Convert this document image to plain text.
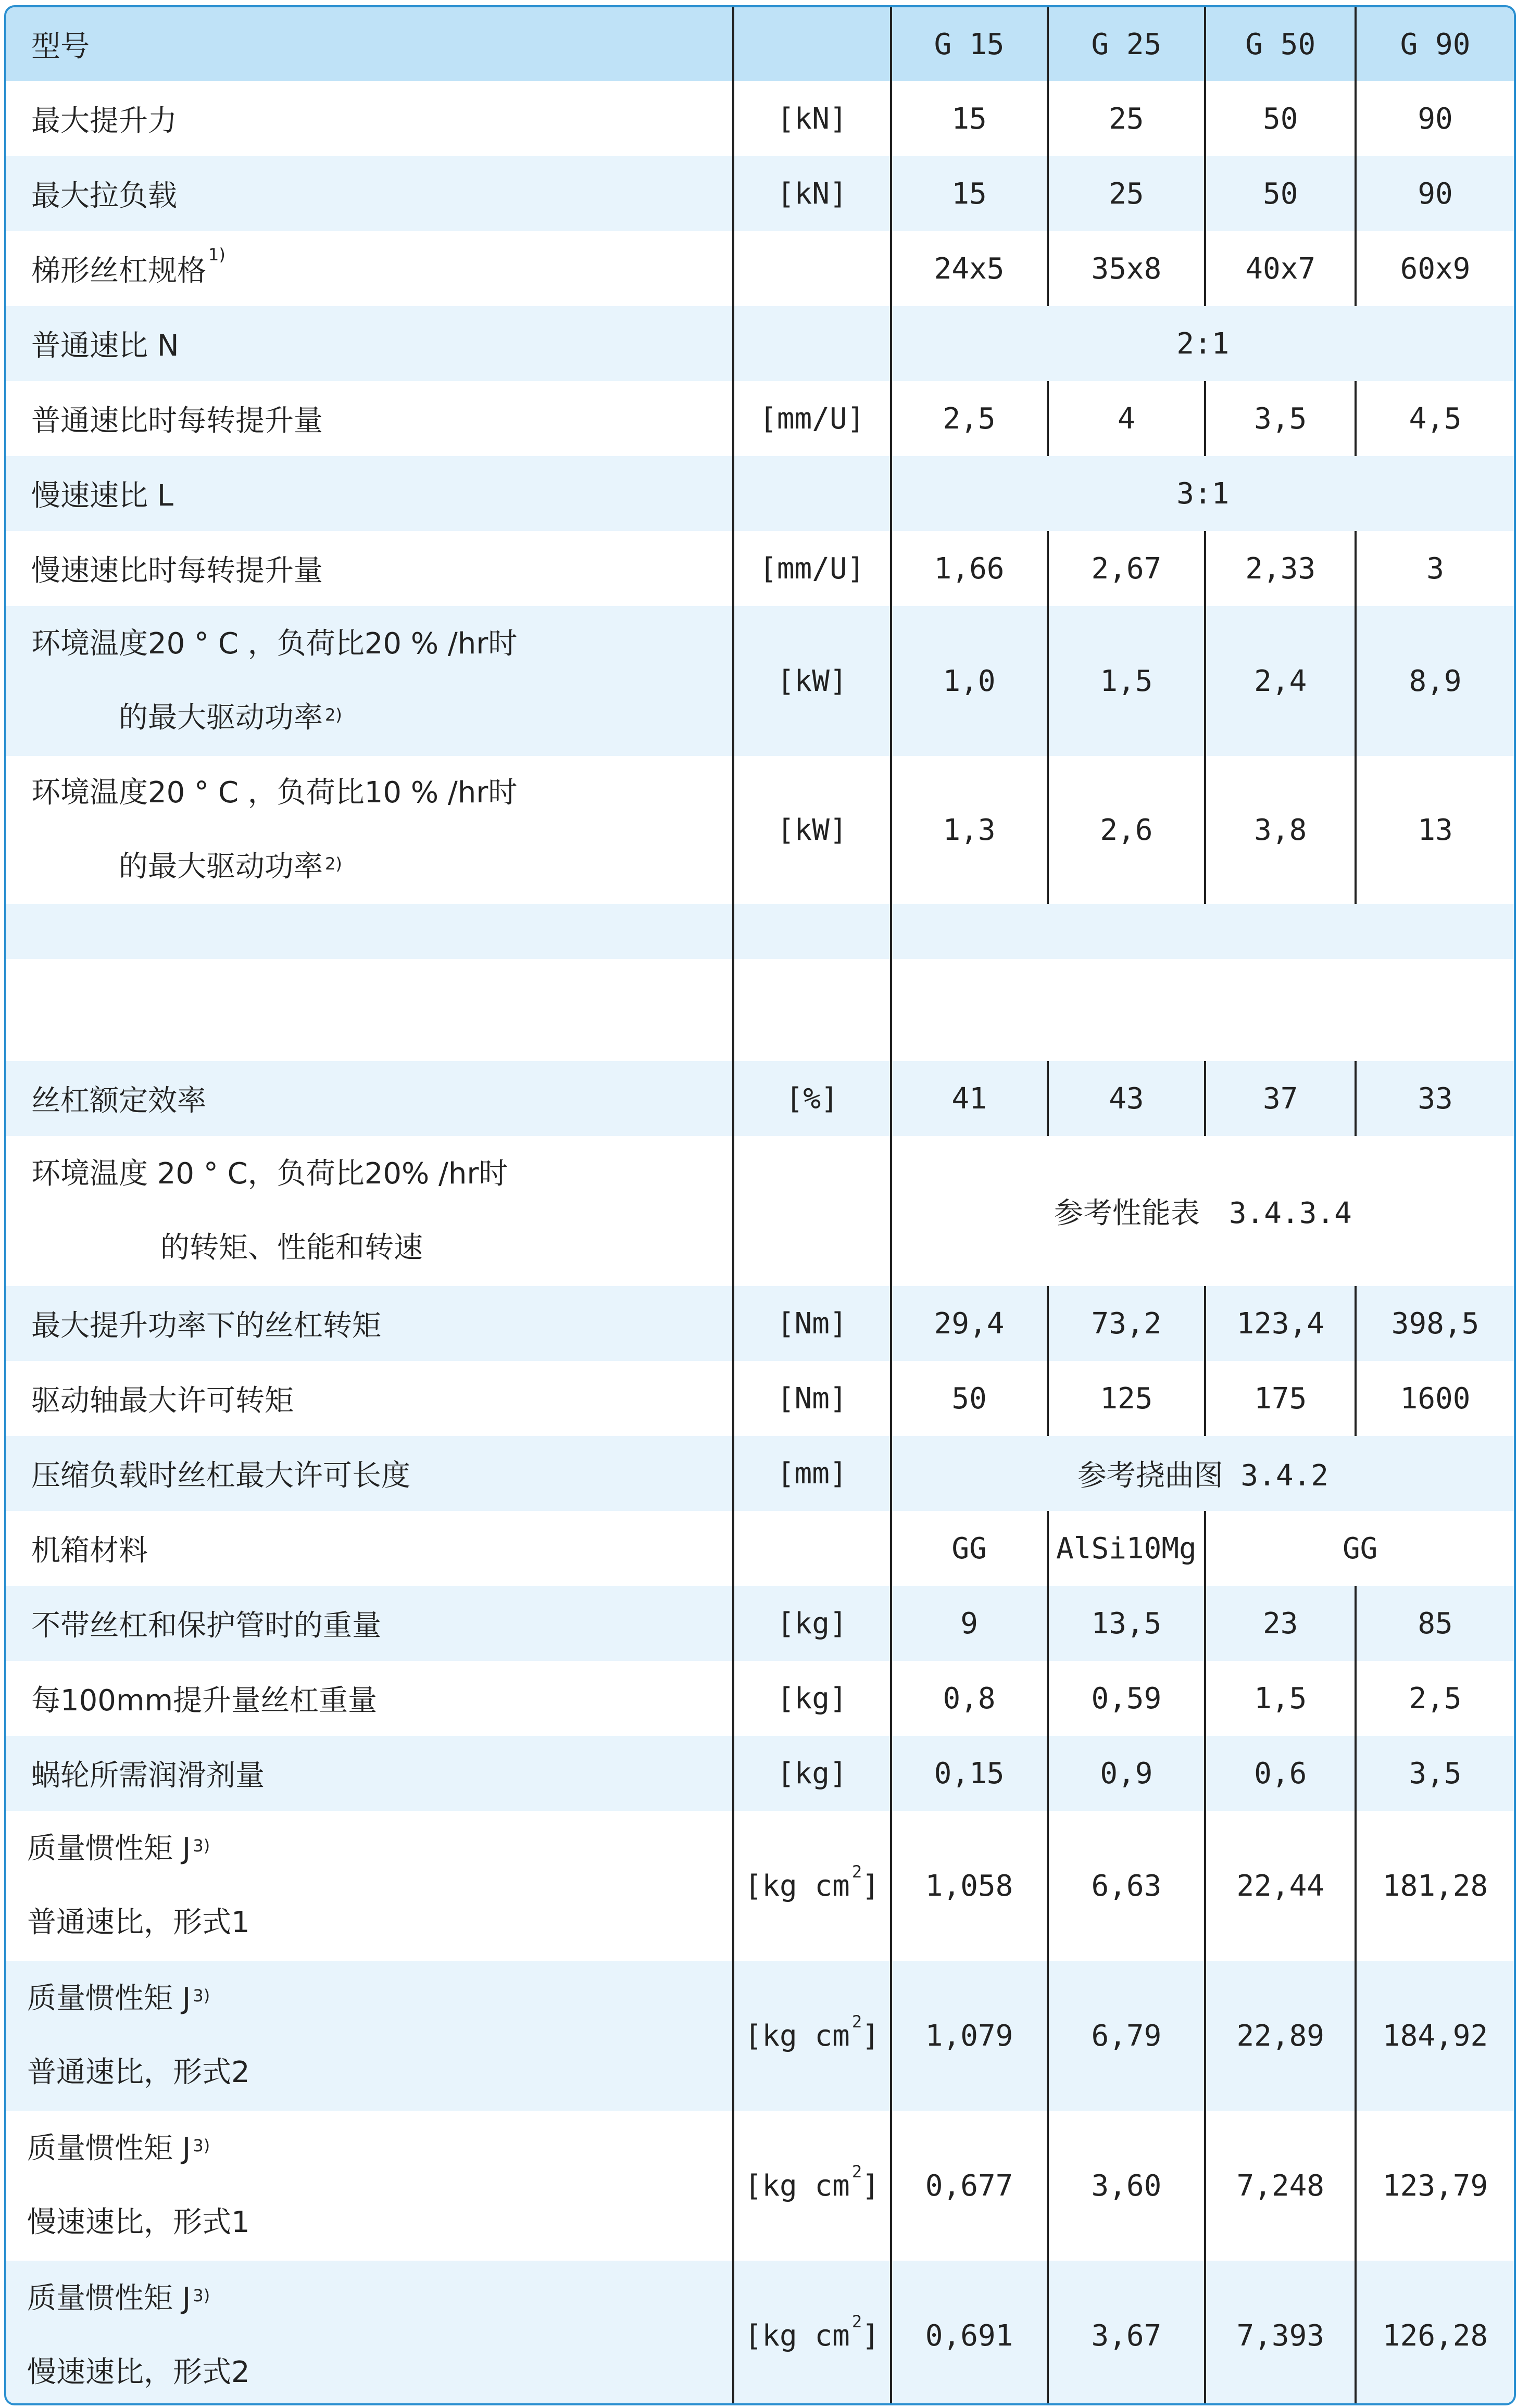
型号		G 15	G 25	G 50	G 90
最大提升力	[kN]	15	25	50	90
最大拉负载	[kN]	15	25	50	90
梯形丝杠规格 $^{1)}$		24x5	35x8	40x7	60x9
普通速比 N		2:1			
普通速比时每转提升量	[mm/U]	2,5	4	3,5	4,5
慢速速比 L		3:1			
慢速速比时每转提升量	[mm/U]	1,66	2,67	2,33	3

环境温度20 ° C ，负荷比20 % /hr时
的最大驱动功率 $^{2)}$	[kW]	1,0	1,5	2,4	8,9

环境温度20 ° C ，负荷比10 % /hr时
的最大驱动功率 $^{2)}$	[kW]	1,3	2,6	3,8	13

丝杠额定效率	[%]	41	43	37	33

环境温度 20 ° C，负荷比20% /hr时
的转矩、性能和转速		参考性能表　3.4.3.4			
最大提升功率下的丝杠转矩	[Nm]	29,4	73,2	123,4	398,5
驱动轴最大许可转矩	[Nm]	50	125	175	1600
压缩负载时丝杠最大许可长度	[mm]	参考挠曲图 3.4.2			
机箱材料		GG	AlSi10Mg	GG	
不带丝杠和保护管时的重量	[kg]	9	13,5	23	85
每100mm提升量丝杠重量	[kg]	0,8	0,59	1,5	2,5
蜗轮所需润滑剂量	[kg]	0,15	0,9	0,6	3,5

质量惯性矩 J $^{3)}$
普通速比，形式1	[kg cm $^2$]	1,058	6,63	22,44	181,28

质量惯性矩 J $^{3)}$
普通速比，形式2	[kg cm $^2$]	1,079	6,79	22,89	184,92

质量惯性矩 J $^{3)}$
慢速速比，形式1	[kg cm $^2$]	0,677	3,60	7,248	123,79

质量惯性矩 J $^{3)}$
慢速速比，形式2	[kg cm $^2$]	0,691	3,67	7,393	126,28
